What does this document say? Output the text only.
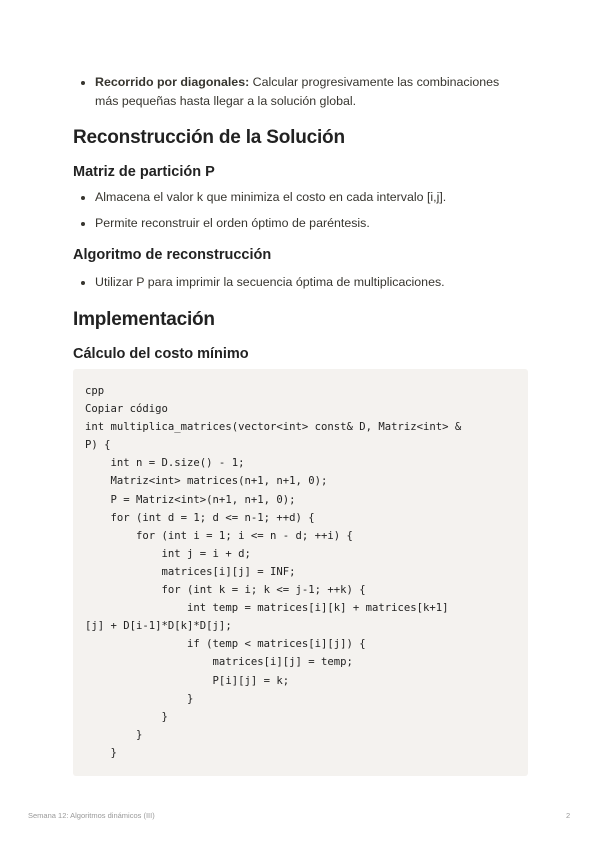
Recorrido por diagonales: Calcular progresivamente las combinaciones
más pequeñas hasta llegar a la solución global.
Reconstrucción de la Solución
Matriz de partición P
Almacena el valor k que minimiza el costo en cada intervalo [i,j].
Permite reconstruir el orden óptimo de paréntesis.
Algoritmo de reconstrucción
Utilizar P para imprimir la secuencia óptima de multiplicaciones.
Implementación
Cálculo del costo mínimo
cpp
Copiar código
int multiplica_matrices(vector<int> const& D, Matriz<int> &
P) {
int n = D.size() - 1;
Matriz<int> matrices(n+1, n+1, 0);
P = Matriz<int>(n+1, n+1, 0);
for (int d = 1; d <= n-1; ++d) {
for (int i = 1; i <= n - d; ++i) {
int j = i + d;
matrices[i][j] = INF;
for (int k = i; k <= j-1; ++k) {
int temp = matrices[i][k] + matrices[k+1]
[j] + D[i-1]*D[k]*D[j];
if (temp < matrices[i][j]) {
matrices[i][j] = temp;
P[i][j] = k;
}
}
}
}

Semana 12: Algoritmos dinámicos (III)	2
